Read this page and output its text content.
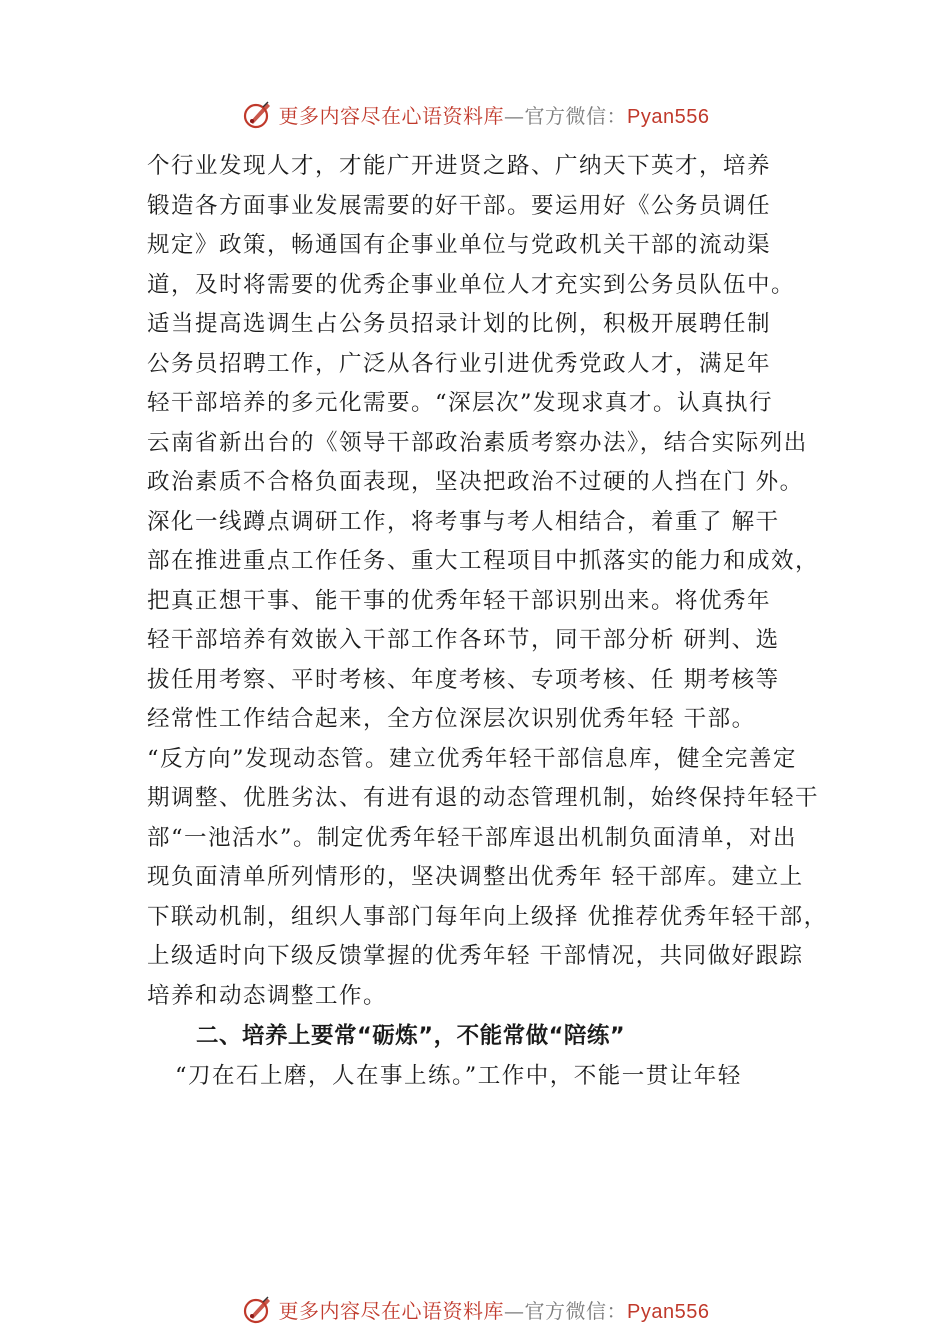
更多内容尽在心语资料库—官方微信：Pyan556
个行业发现人才，才能广开进贤之路、广纳天下英才，培养
锻造各方面事业发展需要的好干部。要运用好《公务员调任
规定》政策，畅通国有企事业单位与党政机关干部的流动渠
道，及时将需要的优秀企事业单位人才充实到公务员队伍中。
适当提高选调生占公务员招录计划的比例，积极开展聘任制
公务员招聘工作，广泛从各行业引进优秀党政人才，满足年
轻干部培养的多元化需要。“深层次”发现求真才。认真执行
云南省新出台的《领导干部政治素质考察办法》，结合实际列出
政治素质不合格负面表现，坚决把政治不过硬的人挡在门 外。
深化一线蹲点调研工作，将考事与考人相结合，着重了 解干
部在推进重点工作任务、重大工程项目中抓落实的能力和成效，
把真正想干事、能干事的优秀年轻干部识别出来。将优秀年
轻干部培养有效嵌入干部工作各环节，同干部分析 研判、选
拔任用考察、平时考核、年度考核、专项考核、任 期考核等
经常性工作结合起来，全方位深层次识别优秀年轻 干部。
“反方向”发现动态管。建立优秀年轻干部信息库，健全完善定
期调整、优胜劣汰、有进有退的动态管理机制，始终保持年轻干
部“一池活水”。制定优秀年轻干部库退出机制负面清单，对出
现负面清单所列情形的，坚决调整出优秀年 轻干部库。建立上
下联动机制，组织人事部门每年向上级择 优推荐优秀年轻干部，
上级适时向下级反馈掌握的优秀年轻 干部情况，共同做好跟踪
培养和动态调整工作。
二、培养上要常“砺炼”，不能常做“陪练”
“刀在石上磨，人在事上练。”工作中，不能一贯让年轻
更多内容尽在心语资料库—官方微信：Pyan556
